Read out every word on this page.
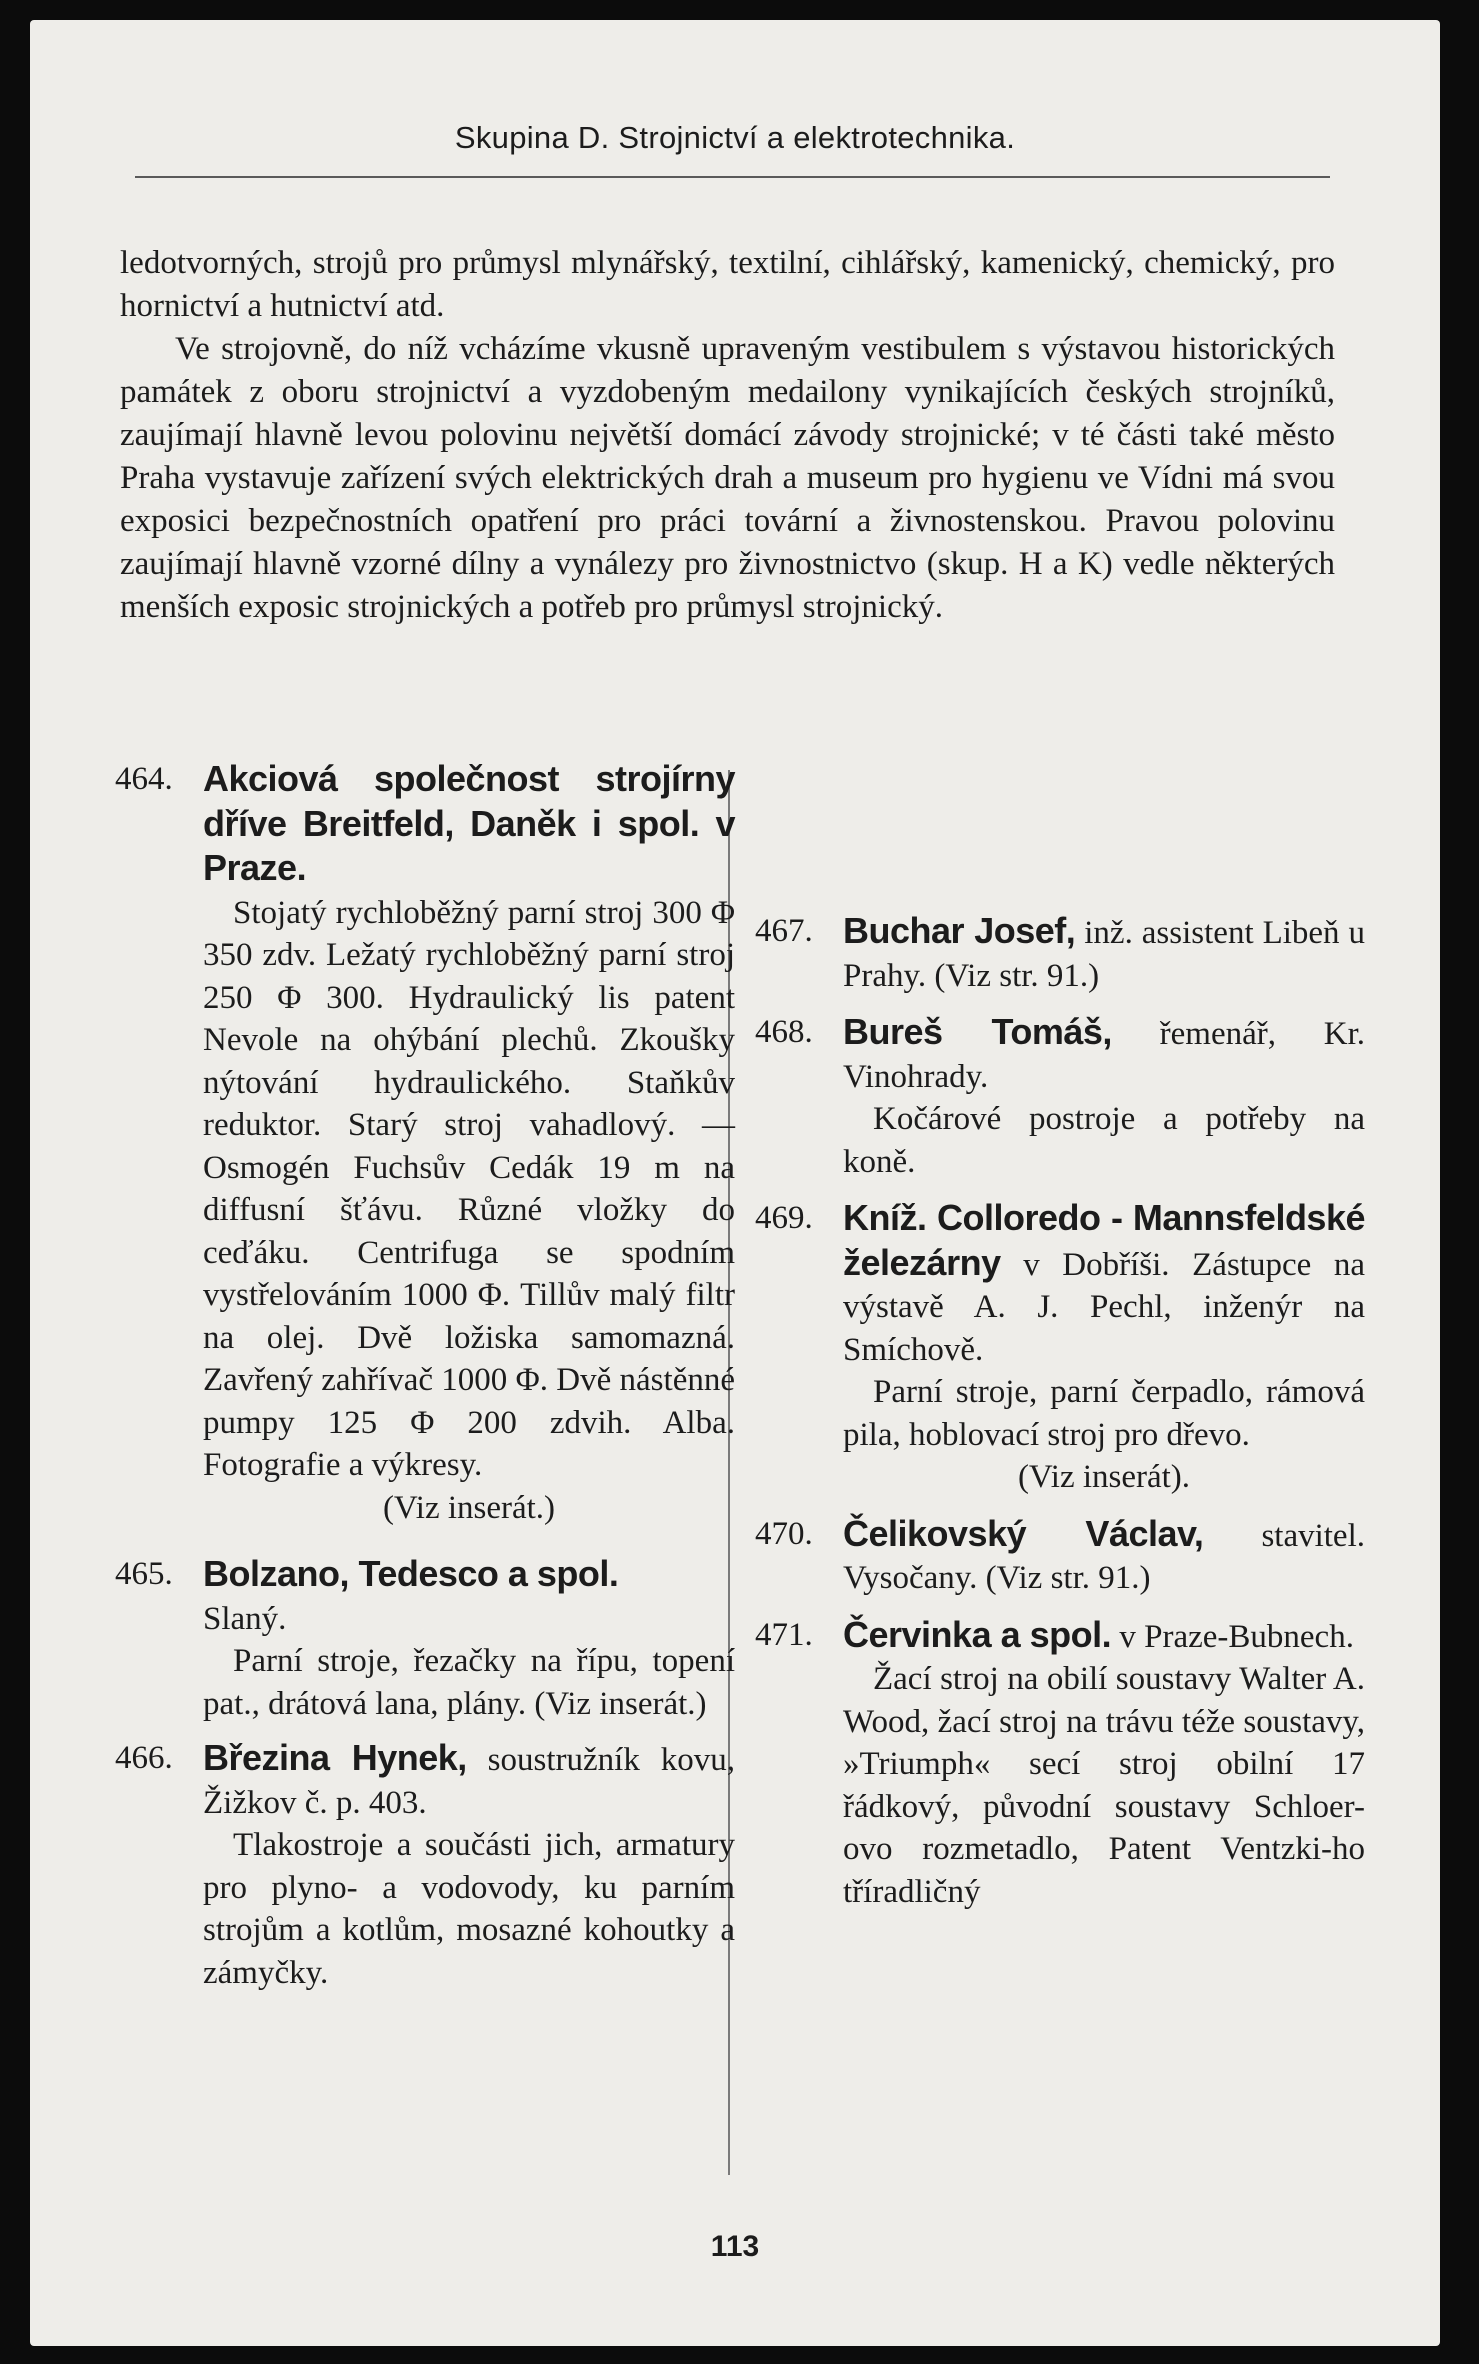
Skupina D. Strojnictví a elektrotechnika.

ledotvorných, strojů pro průmysl mlynářský, textilní, cihlářský, kamenický, chemický, pro hornictví a hutnictví atd.

Ve strojovně, do níž vcházíme vkusně upraveným vestibulem s výstavou historických památek z oboru strojnictví a vyzdobeným medailony vynikajících českých strojníků, zaujímají hlavně levou polovinu největší domácí závody strojnické; v té části také město Praha vystavuje zařízení svých elektrických drah a museum pro hygienu ve Vídni má svou exposici bezpečnostních opatření pro práci tovární a živnostenskou. Pravou polovinu zaujímají hlavně vzorné dílny a vynálezy pro živnostnictvo (skup. H a K) vedle některých menších exposic strojnických a potřeb pro průmysl strojnický.

464. Akciová společnost strojírny dříve Breitfeld, Daněk i spol. v Praze.

Stojatý rychloběžný parní stroj 300 Φ 350 zdv. Ležatý rychloběžný parní stroj 250 Φ 300. Hydraulický lis patent Nevole na ohýbání plechů. Zkoušky nýtování hydraulického. Staňkův reduktor. Starý stroj vahadlový. — Osmogén Fuchsův Cedák 19 m na diffusní šťávu. Různé vložky do ceďáku. Centrifuga se spodním vystřelováním 1000 Φ. Tillův malý filtr na olej. Dvě ložiska samomazná. Zavřený zahřívač 1000 Φ. Dvě nástěnné pumpy 125 Φ 200 zdvih. Alba. Fotografie a výkresy.

(Viz inserát.)
465. Bolzano, Tedesco a spol.
Slaný.

Parní stroje, řezačky na řípu, topení pat., drátová lana, plány. (Viz inserát.)

466. Březina Hynek, soustružník kovu, Žižkov č. p. 403.

Tlakostroje a součásti jich, armatury pro plyno- a vodovody, ku parním strojům a kotlům, mosazné kohoutky a zámyčky.

467. Buchar Josef, inž. assistent Libeň u Prahy. (Viz str. 91.)
468. Bureš Tomáš, řemenář, Kr. Vinohrady.

Kočárové postroje a potřeby na koně.

469. Kníž. Colloredo - Mannsfeldské železárny v Dobříši. Zástupce na výstavě A. J. Pechl, inženýr na Smíchově.

Parní stroje, parní čerpadlo, rámová pila, hoblovací stroj pro dřevo.

(Viz inserát).
470. Čelikovský Václav, stavitel. Vysočany. (Viz str. 91.)
471. Červinka a spol. v Praze-Bubnech.

Žací stroj na obilí soustavy Walter A. Wood, žací stroj na trávu téže soustavy, »Triumph« secí stroj obilní 17 řádkový, původní soustavy Schloer-ovo rozmetadlo, Patent Ventzki-ho tříradličný

113
